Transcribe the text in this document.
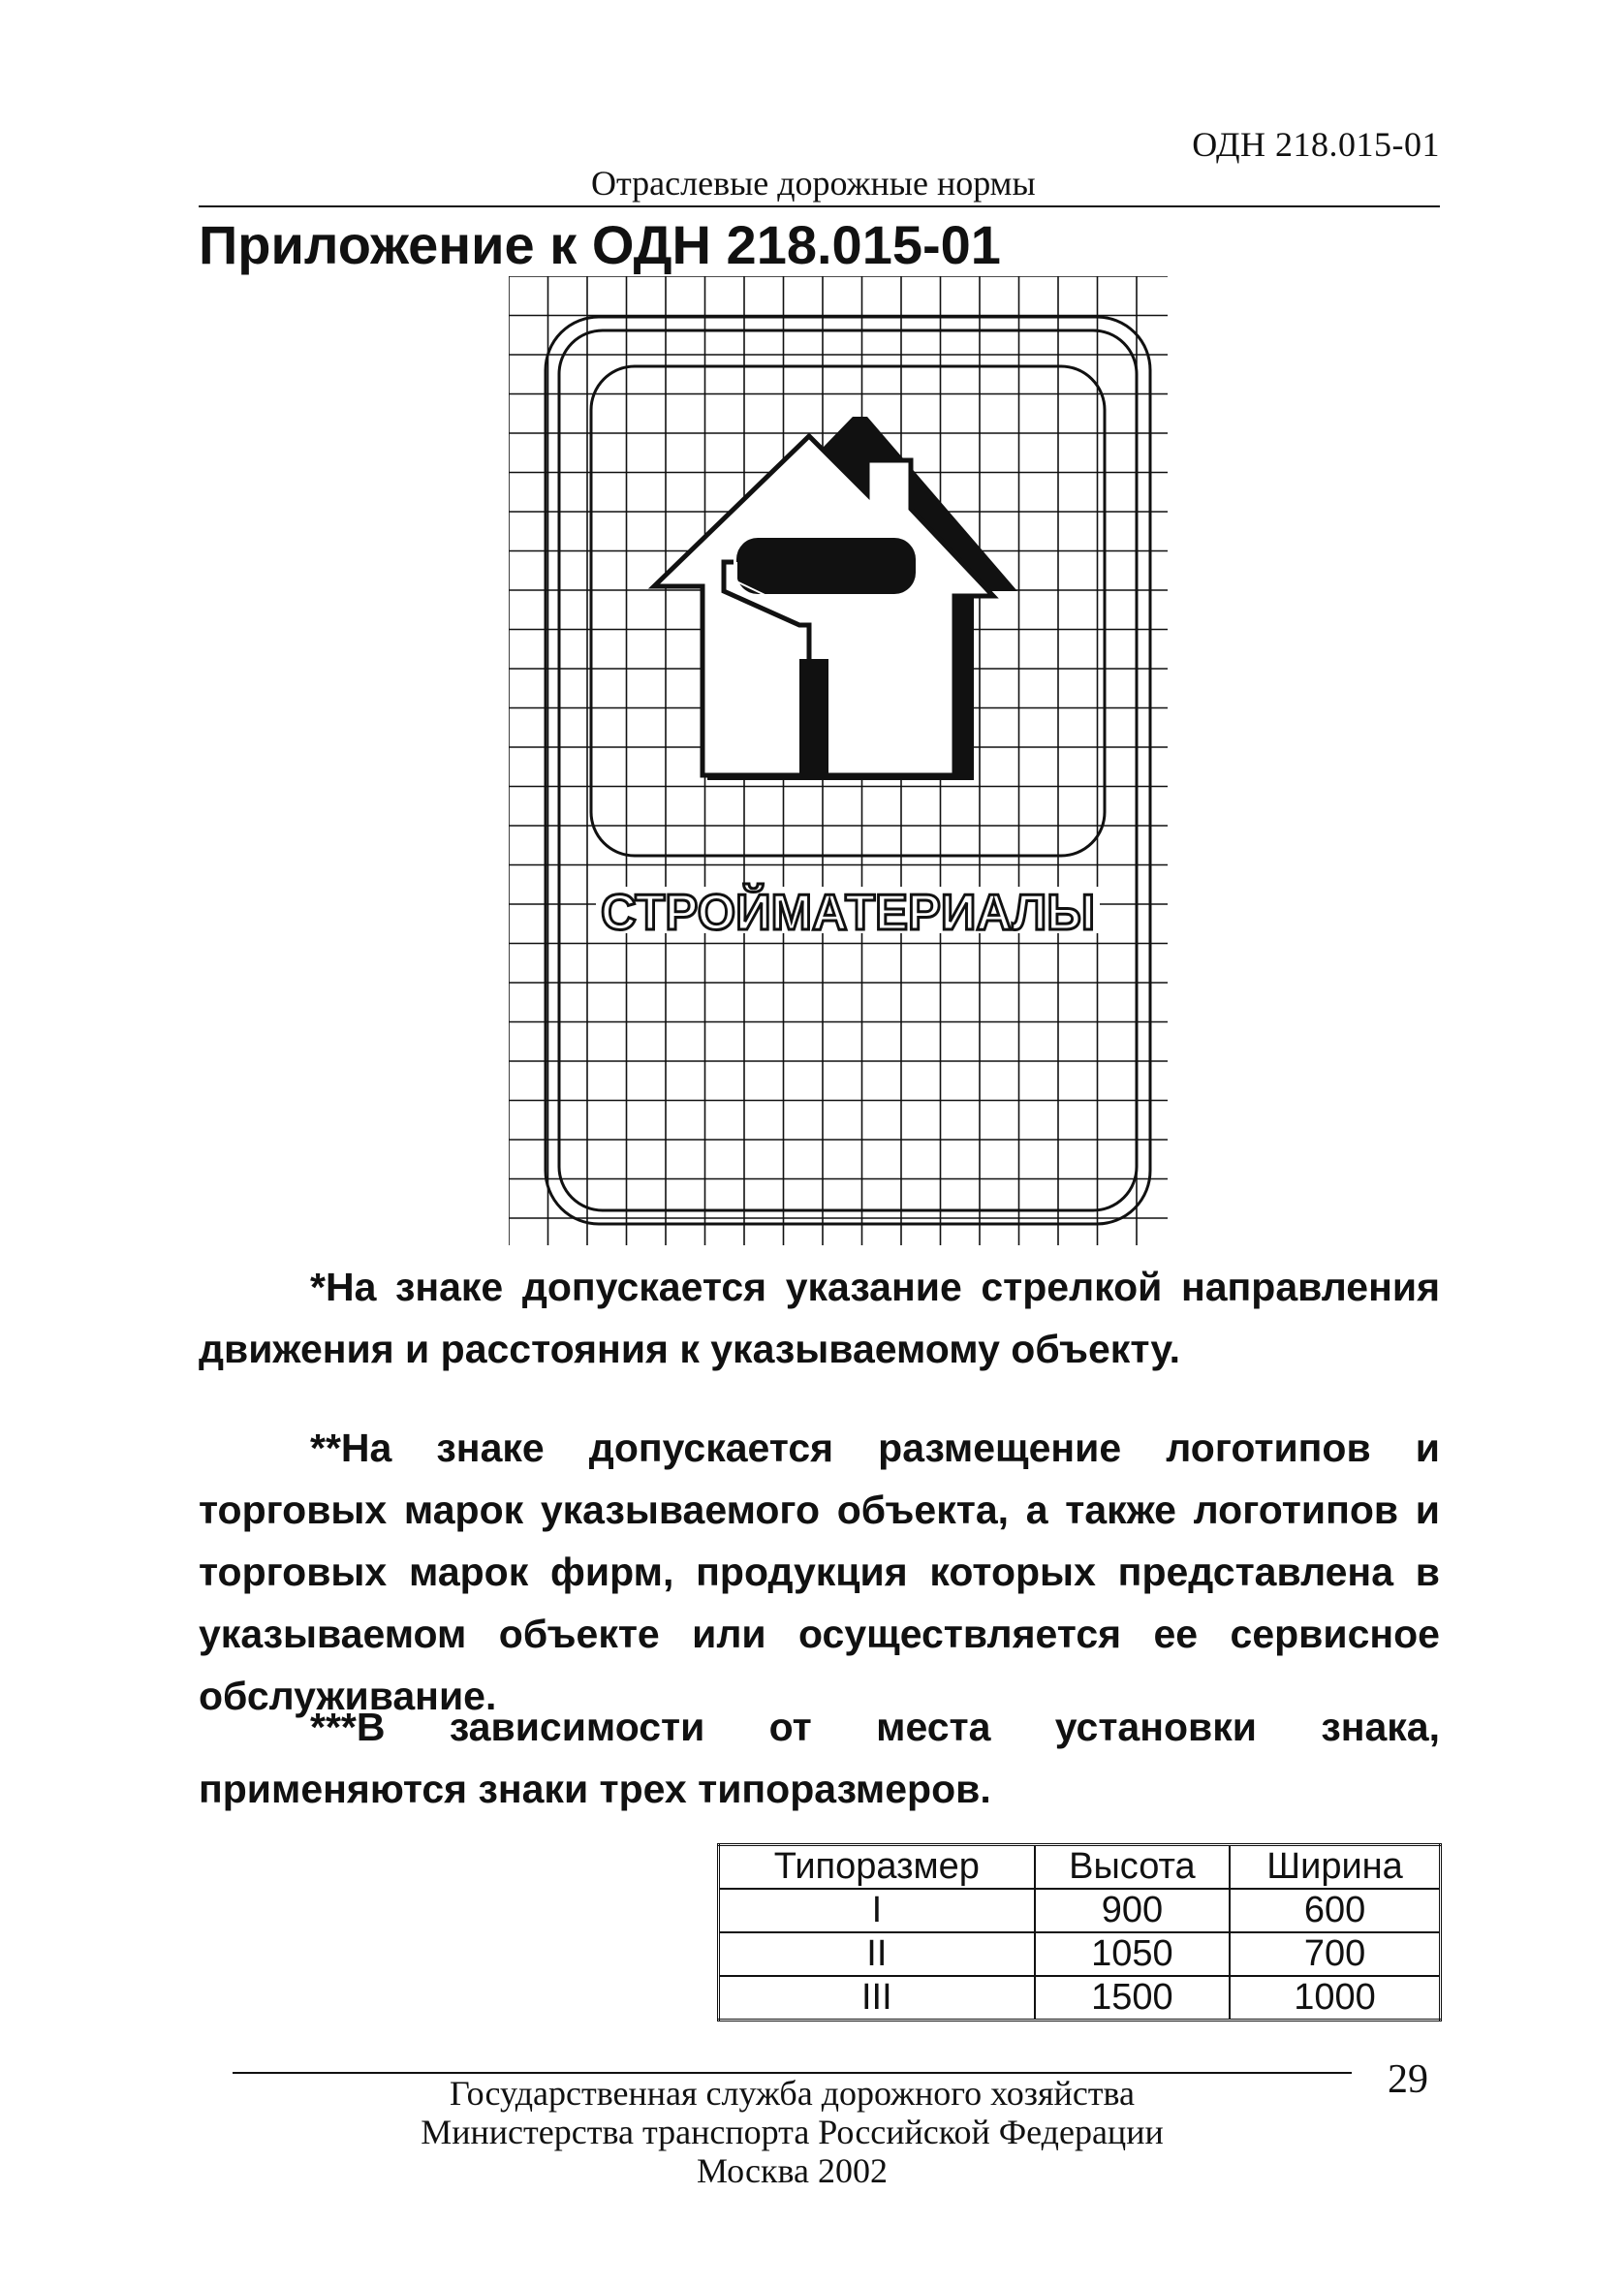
ОДН 218.015-01
Отраслевые дорожные нормы
Приложение к ОДН 218.015-01
СТРОЙМАТЕРИАЛЫ

*На знаке допускается указание стрелкой направления движения и расстояния к указываемому объекту.

**На знаке допускается размещение логотипов и торговых марок указываемого объекта, а также логотипов и торговых марок фирм, продукция которых представлена в указываемом объекте или осуществляется ее сервисное обслуживание.

***В зависимости от места установки знака, применяются знаки трех типоразмеров.

Типоразмер	Высота	Ширина
I	900	600
II	1050	700
III	1500	1000
29
Государственная служба дорожного хозяйства
Министерства транспорта Российской Федерации
Москва 2002
